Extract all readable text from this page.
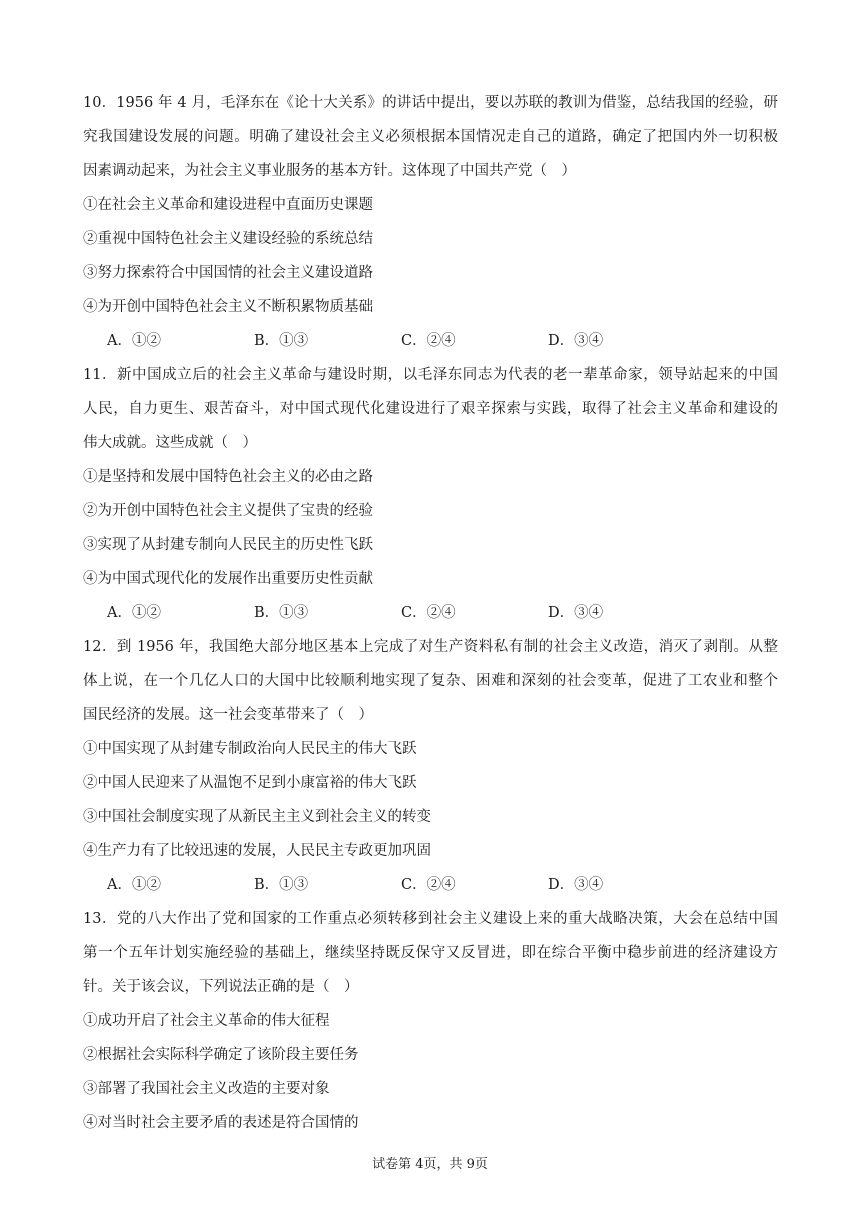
10．1956 年 4 月，毛泽东在《论十大关系》的讲话中提出，要以苏联的教训为借鉴，总结我国的经验，研
究我国建设发展的问题。明确了建设社会主义必须根据本国情况走自己的道路，确定了把国内外一切积极
因素调动起来，为社会主义事业服务的基本方针。这体现了中国共产党（　）
①在社会主义革命和建设进程中直面历史课题
②重视中国特色社会主义建设经验的系统总结
③努力探索符合中国国情的社会主义建设道路
④为开创中国特色社会主义不断积累物质基础
A．①②	B．①③	C．②④	D．③④
11．新中国成立后的社会主义革命与建设时期，以毛泽东同志为代表的老一辈革命家，领导站起来的中国
人民，自力更生、艰苦奋斗，对中国式现代化建设进行了艰辛探索与实践，取得了社会主义革命和建设的
伟大成就。这些成就（　）
①是坚持和发展中国特色社会主义的必由之路
②为开创中国特色社会主义提供了宝贵的经验
③实现了从封建专制向人民民主的历史性飞跃
④为中国式现代化的发展作出重要历史性贡献
A．①②	B．①③	C．②④	D．③④
12．到 1956 年，我国绝大部分地区基本上完成了对生产资料私有制的社会主义改造，消灭了剥削。从整
体上说，在一个几亿人口的大国中比较顺利地实现了复杂、困难和深刻的社会变革，促进了工农业和整个
国民经济的发展。这一社会变革带来了（　）
①中国实现了从封建专制政治向人民民主的伟大飞跃
②中国人民迎来了从温饱不足到小康富裕的伟大飞跃
③中国社会制度实现了从新民主主义到社会主义的转变
④生产力有了比较迅速的发展，人民民主专政更加巩固
A．①②	B．①③	C．②④	D．③④
13．党的八大作出了党和国家的工作重点必须转移到社会主义建设上来的重大战略决策，大会在总结中国
第一个五年计划实施经验的基础上，继续坚持既反保守又反冒进，即在综合平衡中稳步前进的经济建设方
针。关于该会议，下列说法正确的是（　）
①成功开启了社会主义革命的伟大征程
②根据社会实际科学确定了该阶段主要任务
③部署了我国社会主义改造的主要对象
④对当时社会主要矛盾的表述是符合国情的
试卷第 4页，共 9页
